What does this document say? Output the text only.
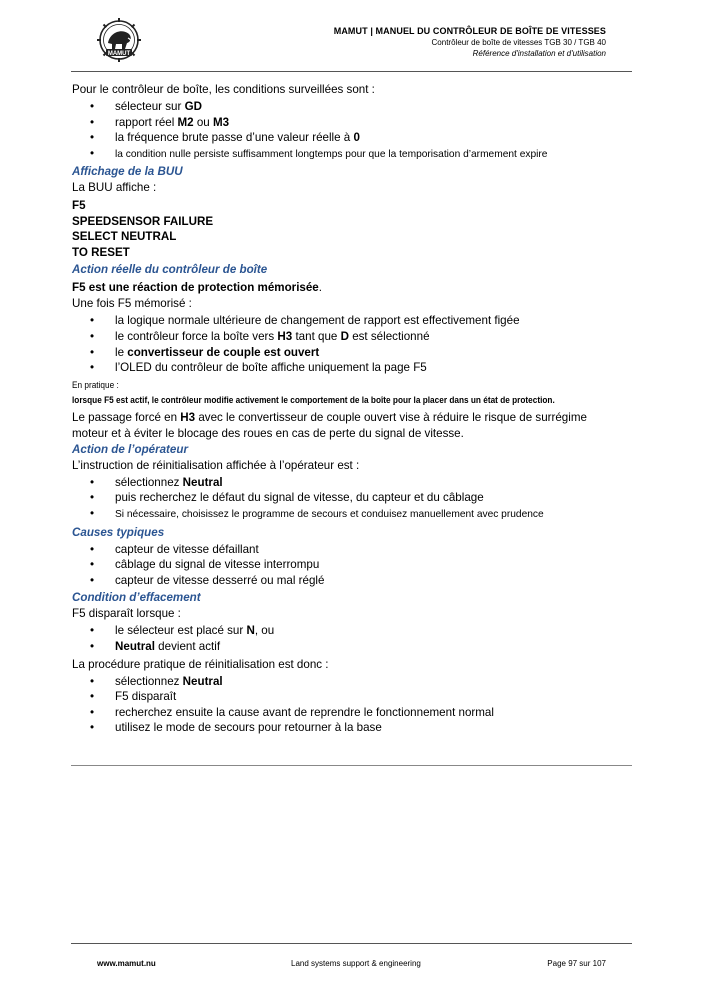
MAMUT
MAMUT | MANUEL DU CONTRÔLEUR DE BOÎTE DE VITESSES
Contrôleur de boîte de vitesses TGB 30 / TGB 40
Référence d'installation et d'utilisation

Pour le contrôleur de boîte, les conditions surveillées sont :

• sélecteur sur GD
• rapport réel M2 ou M3
• la fréquence brute passe d’une valeur réelle à 0
• la condition nulle persiste suffisamment longtemps pour que la temporisation d’armement expire

Affichage de la BUU

La BUU affiche :

F5
SPEEDSENSOR FAILURE
SELECT NEUTRAL
TO RESET

Action réelle du contrôleur de boîte

F5 est une réaction de protection mémorisée.

Une fois F5 mémorisé :

• la logique normale ultérieure de changement de rapport est effectivement figée
• le contrôleur force la boîte vers H3 tant que D est sélectionné
• le convertisseur de couple est ouvert
• l’OLED du contrôleur de boîte affiche uniquement la page F5
En pratique :
lorsque F5 est actif, le contrôleur modifie activement le comportement de la boîte pour la placer dans un état de protection.

Le passage forcé en H3 avec le convertisseur de couple ouvert vise à réduire le risque de surrégime

moteur et à éviter le blocage des roues en cas de perte du signal de vitesse.

Action de l’opérateur

L’instruction de réinitialisation affichée à l’opérateur est :

• sélectionnez Neutral
• puis recherchez le défaut du signal de vitesse, du capteur et du câblage
• Si nécessaire, choisissez le programme de secours et conduisez manuellement avec prudence

Causes typiques

• capteur de vitesse défaillant
• câblage du signal de vitesse interrompu
• capteur de vitesse desserré ou mal réglé

Condition d’effacement

F5 disparaît lorsque :

• le sélecteur est placé sur N, ou
• Neutral devient actif

La procédure pratique de réinitialisation est donc :

• sélectionnez Neutral
• F5 disparaît
• recherchez ensuite la cause avant de reprendre le fonctionnement normal
• utilisez le mode de secours pour retourner à la base
www.mamut.nu	Land systems support & engineering	Page 97 sur 107
